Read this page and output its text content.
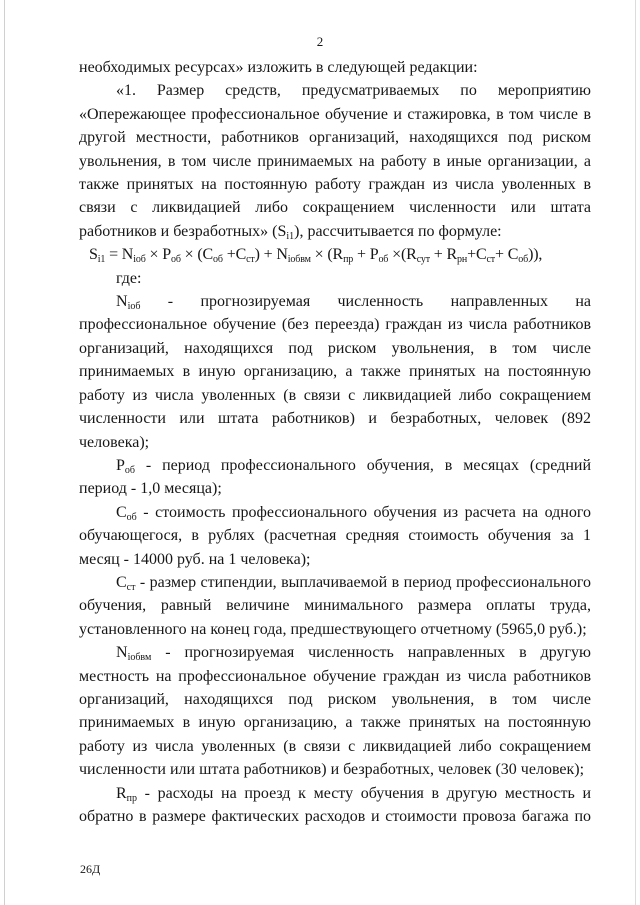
2

необходимых ресурсах» изложить в следующей редакции:

«1. Размер средств, предусматриваемых по мероприятию

«Опережающее профессиональное обучение и стажировка, в том числе в другой местности, работников организаций, находящихся под риском увольнения, в том числе принимаемых на работу в иные организации, а также принятых на постоянную работу граждан из числа уволенных в связи с ликвидацией либо сокращением численности или штата работников и безработных» $(S_{i1})$, рассчитывается по формуле:

$S_{i1} = N_{iоб} \times P_{об} \times (C_{об} +C_{ст}) + N_{iобвм} \times (R_{пр} + P_{об} \times(R_{сут} + R_{рн}+C_{ст}+ C_{об}))$,

где:

$N_{iоб}$ - прогнозируемая численность направленных на профессиональное обучение (без переезда) граждан из числа работников организаций, находящихся под риском увольнения, в том числе принимаемых в иную организацию, а также принятых на постоянную работу из числа уволенных (в связи с ликвидацией либо сокращением численности или штата работников) и безработных, человек (892 человека);

$P_{об}$ - период профессионального обучения, в месяцах (средний период - 1,0 месяца);

$C_{об}$ - стоимость профессионального обучения из расчета на одного обучающегося, в рублях (расчетная средняя стоимость обучения за 1 месяц - 14000 руб. на 1 человека);

$C_{ст}$ - размер стипендии, выплачиваемой в период профессионального обучения, равный величине минимального размера оплаты труда, установленного на конец года, предшествующего отчетному (5965,0 руб.);

$N_{iобвм}$ - прогнозируемая численность направленных в другую местность на профессиональное обучение граждан из числа работников организаций, находящихся под риском увольнения, в том числе принимаемых в иную организацию, а также принятых на постоянную работу из числа уволенных (в связи с ликвидацией либо сокращением численности или штата работников) и безработных, человек (30 человек);

$R_{пр}$ - расходы на проезд к месту обучения в другую местность и обратно в размере фактических расходов и стоимости провоза багажа по

26Д
